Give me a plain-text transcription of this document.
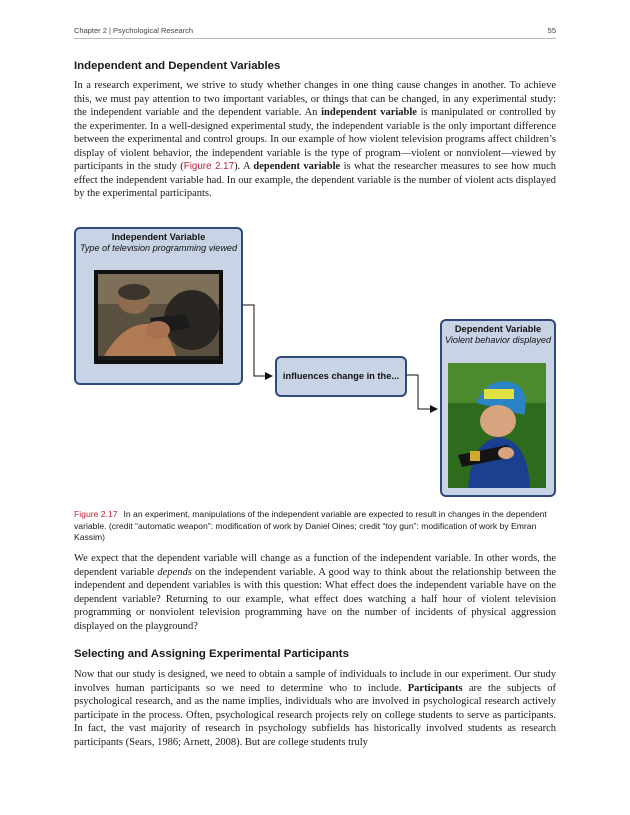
Chapter 2 | Psychological Research	55
Independent and Dependent Variables

In a research experiment, we strive to study whether changes in one thing cause changes in another. To achieve this, we must pay attention to two important variables, or things that can be changed, in any experimental study: the independent variable and the dependent variable. An independent variable is manipulated or controlled by the experimenter. In a well-designed experimental study, the independent variable is the only important difference between the experimental and control groups. In our example of how violent television programs affect children’s display of violent behavior, the independent variable is the type of program—violent or nonviolent—viewed by participants in the study (Figure 2.17). A dependent variable is what the researcher measures to see how much effect the independent variable had. In our example, the dependent variable is the number of violent acts displayed by the experimental participants.

Independent Variable
Type of television programming viewed
influences change in the...
Dependent Variable
Violent behavior displayed

Figure 2.17 In an experiment, manipulations of the independent variable are expected to result in changes in the dependent variable. (credit “automatic weapon”: modification of work by Daniel Oines; credit “toy gun”: modification of work by Emran Kassim)

We expect that the dependent variable will change as a function of the independent variable. In other words, the dependent variable depends on the independent variable. A good way to think about the relationship between the independent and dependent variables is with this question: What effect does the independent variable have on the dependent variable? Returning to our example, what effect does watching a half hour of violent television programming or nonviolent television programming have on the number of incidents of physical aggression displayed on the playground?

Selecting and Assigning Experimental Participants

Now that our study is designed, we need to obtain a sample of individuals to include in our experiment. Our study involves human participants so we need to determine who to include. Participants are the subjects of psychological research, and as the name implies, individuals who are involved in psychological research actively participate in the process. Often, psychological research projects rely on college students to serve as participants. In fact, the vast majority of research in psychology subfields has historically involved students as research participants (Sears, 1986; Arnett, 2008). But are college students truly
